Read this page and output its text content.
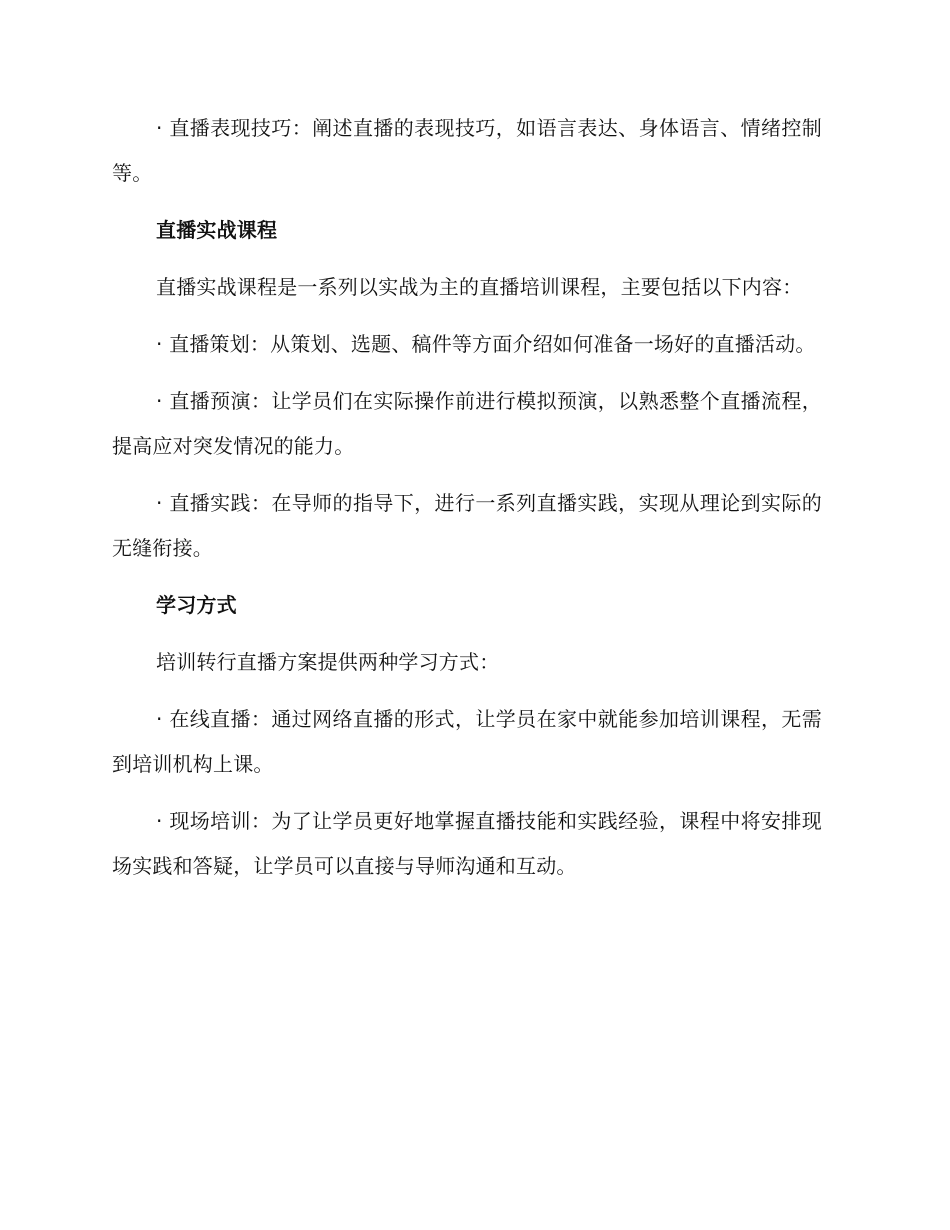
· 直播表现技巧：阐述直播的表现技巧，如语言表达、身体语言、情绪控制等。

直播实战课程

直播实战课程是一系列以实战为主的直播培训课程，主要包括以下内容：

· 直播策划：从策划、选题、稿件等方面介绍如何准备一场好的直播活动。

· 直播预演：让学员们在实际操作前进行模拟预演，以熟悉整个直播流程，提高应对突发情况的能力。

· 直播实践：在导师的指导下，进行一系列直播实践，实现从理论到实际的无缝衔接。

学习方式

培训转行直播方案提供两种学习方式：

· 在线直播：通过网络直播的形式，让学员在家中就能参加培训课程，无需到培训机构上课。

· 现场培训：为了让学员更好地掌握直播技能和实践经验，课程中将安排现场实践和答疑，让学员可以直接与导师沟通和互动。
